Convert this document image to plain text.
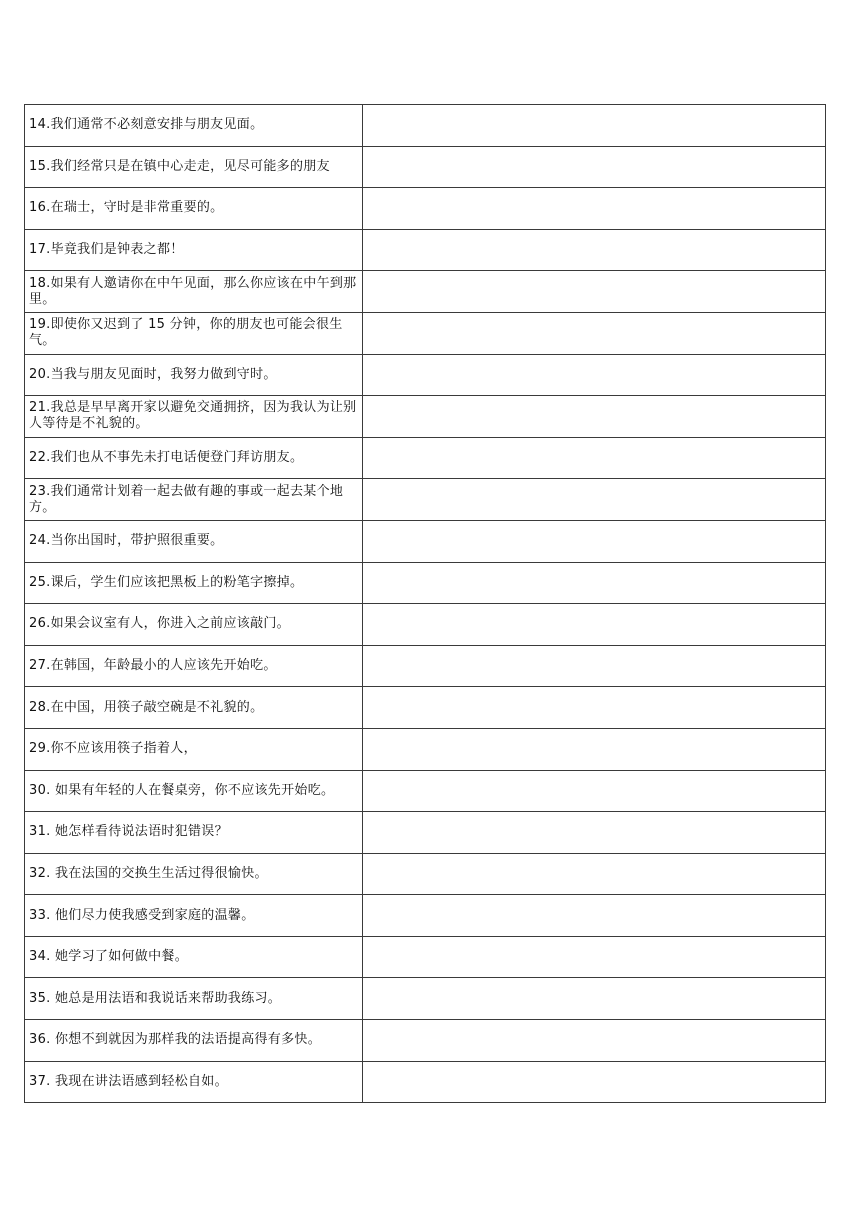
14.我们通常不必刻意安排与朋友见面。	
15.我们经常只是在镇中心走走，见尽可能多的朋友	
16.在瑞士，守时是非常重要的。	
17.毕竟我们是钟表之都！	
18.如果有人邀请你在中午见面，那么你应该在中午到那里。	
19.即使你又迟到了 15 分钟，你的朋友也可能会很生气。	
20.当我与朋友见面时，我努力做到守时。	
21.我总是早早离开家以避免交通拥挤，因为我认为让别人等待是不礼貌的。	
22.我们也从不事先未打电话便登门拜访朋友。	
23.我们通常计划着一起去做有趣的事或一起去某个地方。	
24.当你出国时，带护照很重要。	
25.课后，学生们应该把黑板上的粉笔字擦掉。	
26.如果会议室有人，你进入之前应该敲门。	
27.在韩国，年龄最小的人应该先开始吃。	
28.在中国，用筷子敲空碗是不礼貌的。	
29.你不应该用筷子指着人，	
30. 如果有年轻的人在餐桌旁，你不应该先开始吃。	
31. 她怎样看待说法语时犯错误？	
32. 我在法国的交换生生活过得很愉快。	
33. 他们尽力使我感受到家庭的温馨。	
34. 她学习了如何做中餐。	
35. 她总是用法语和我说话来帮助我练习。	
36. 你想不到就因为那样我的法语提高得有多快。	
37. 我现在讲法语感到轻松自如。	
